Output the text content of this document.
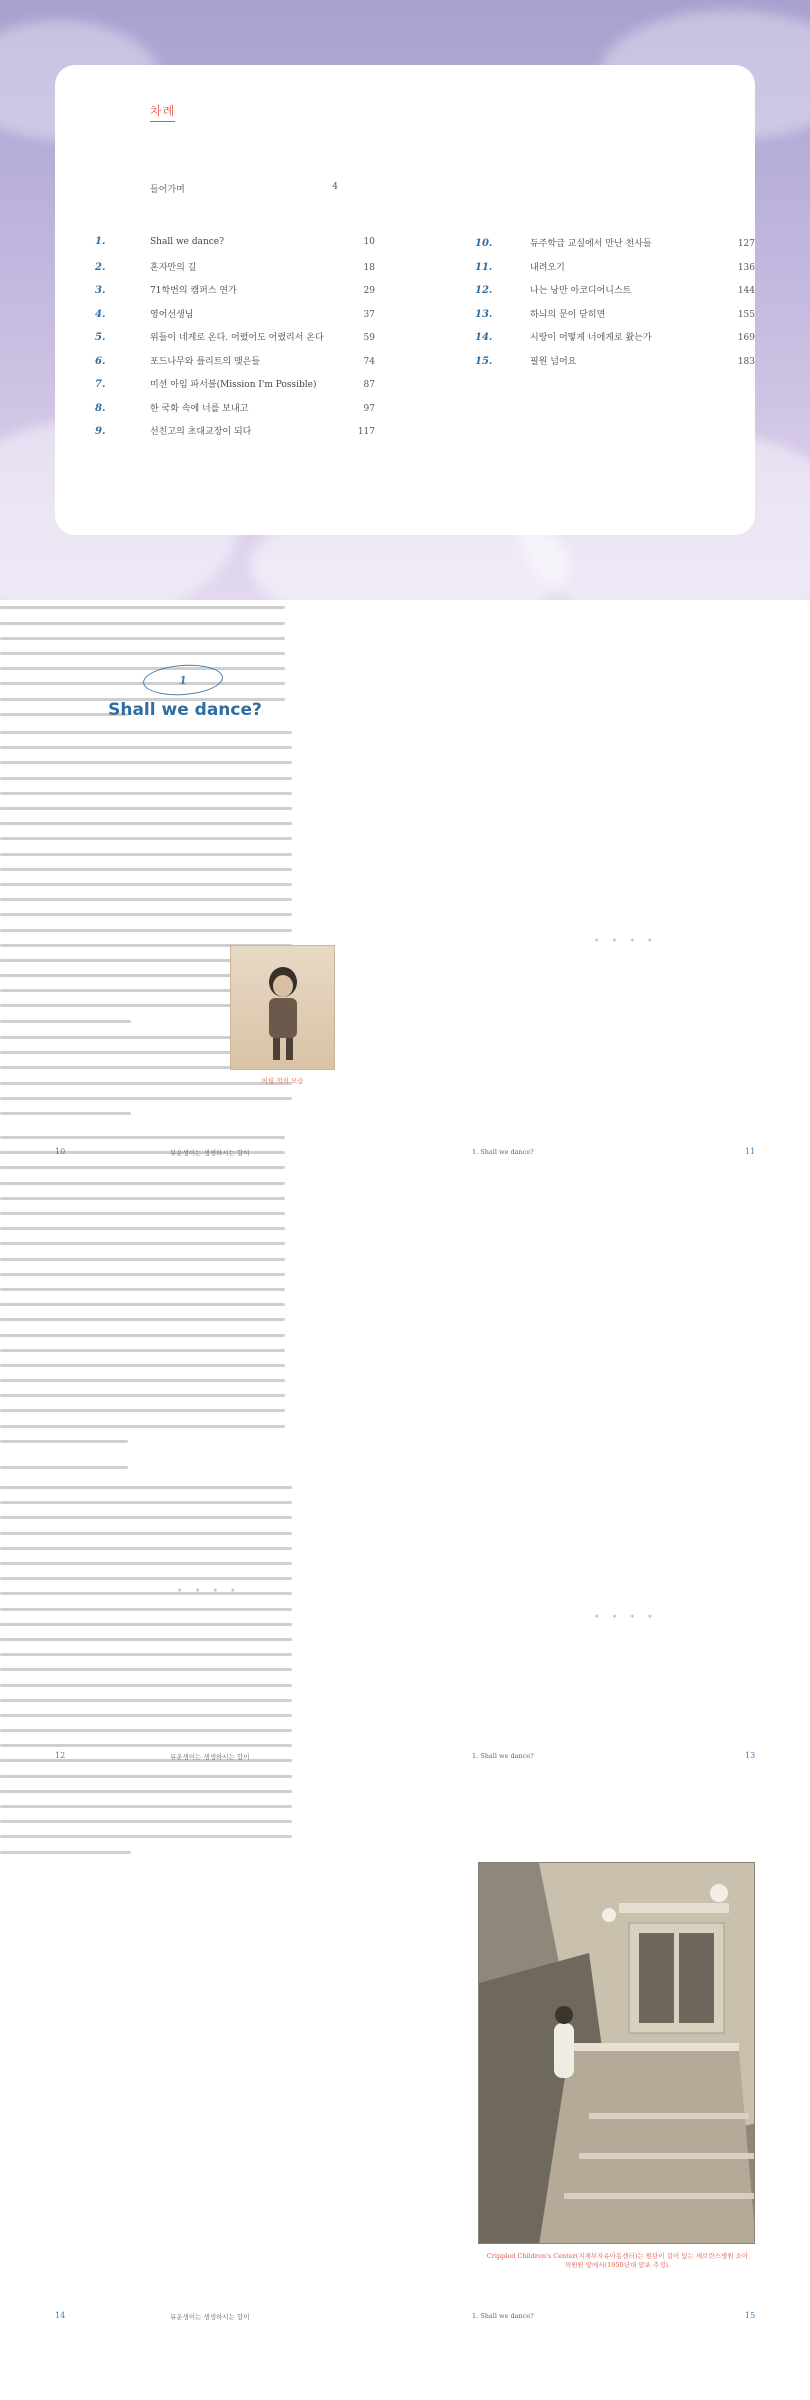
차례
들어가며	4
1.	Shall we dance?	10
2.	혼자만의 길	18
3.	71학번의 캠퍼스 연가	29
4.	영어선생님	37
5.	위들이 네게로 온다. 어렸어도 어렸리서 온다	59
6.	포드나무와 플리트의 맺은들	74
7.	미션 아임 파서블(Mission I'm Possible)	87
8.	한 국화 속에 너를 보내고	97
9.	선친고의 초대교장이 되다	117
10.	듀주학급 교실에서 만난 천사들	127
11.	내려오기	136
12.	나는 낭만 아코디어니스트	144
13.	하늬의 문이 닫히면	155
14.	시랑이 어떻게 너에게로 왔는가	169
15.	필원 넘어요	183
1
Shall we dance?
어릴 적의 모습
10	뮤운생이는 생생하시는 합이
* * * *
1. Shall we dance?	11
* * * *
12	뮤운생이는 생생하시는 합이
* * * *
1. Shall we dance?	13
14	뮤운생이는 생생하시는 합이
Crippled Children's Center(지체부자유아동센터)는 원탄이 걸어 있는 세브란스병원 소아의원원 앞에서(1950년대 앞포 추정).
1. Shall we dance?	15
